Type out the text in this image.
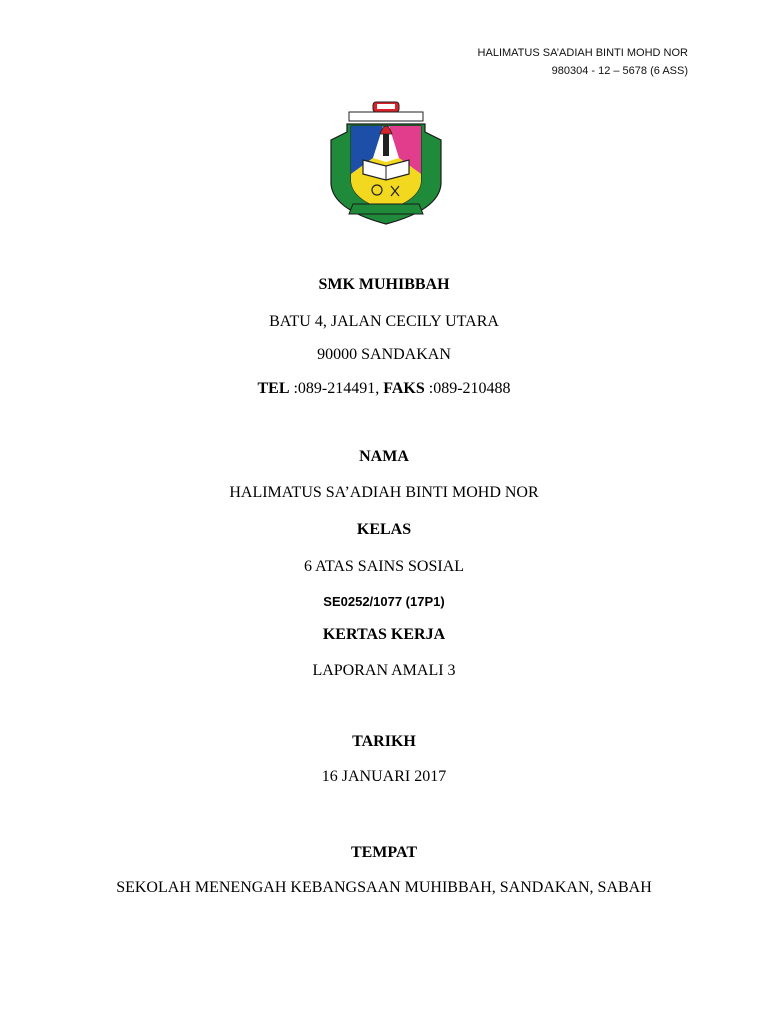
HALIMATUS SA’ADIAH BINTI MOHD NOR
980304 - 12 – 5678 (6 ASS)
SMK MUHIBBAH
BATU 4, JALAN CECILY UTARA
90000 SANDAKAN
TEL :089-214491, FAKS :089-210488
NAMA
HALIMATUS SA’ADIAH BINTI MOHD NOR
KELAS
6 ATAS SAINS SOSIAL
SE0252/1077 (17P1)
KERTAS KERJA
LAPORAN AMALI 3
TARIKH
16 JANUARI 2017
TEMPAT
SEKOLAH MENENGAH KEBANGSAAN MUHIBBAH, SANDAKAN, SABAH
